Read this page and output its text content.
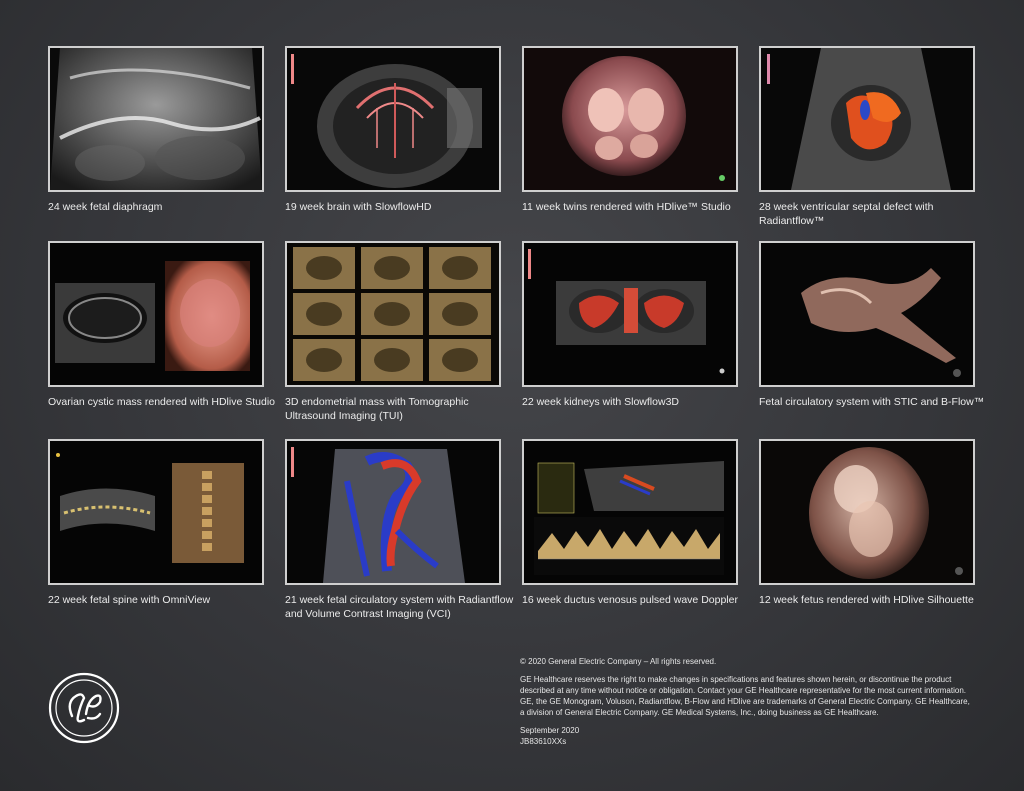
24 week fetal diaphragm	19 week brain with SlowflowHD	11 week twins rendered with HDlive™ Studio	28 week ventricular septal defect with Radiantflow™
Ovarian cystic mass rendered with HDlive Studio 3D endometrial mass with Tomographic Ultrasound Imaging (TUI)
22 week kidneys with Slowflow3D	Fetal circulatory system with STIC and B-Flow™
22 week fetal spine with OmniView	21 week fetal circulatory system with Radiantflow and Volume Contrast Imaging (VCI)
16 week ductus venosus pulsed wave Doppler	12 week fetus rendered with HDlive Silhouette

© 2020 General Electric Company – All rights reserved.

GE Healthcare reserves the right to make changes in specifications and features shown herein, or discontinue the product described at any time without notice or obligation. Contact your GE Healthcare representative for the most current information. GE, the GE Monogram, Voluson, Radiantflow, B-Flow and HDlive are trademarks of General Electric Company. GE Healthcare, a division of General Electric Company. GE Medical Systems, Inc., doing business as GE Healthcare.

September 2020

JB83610XXs
